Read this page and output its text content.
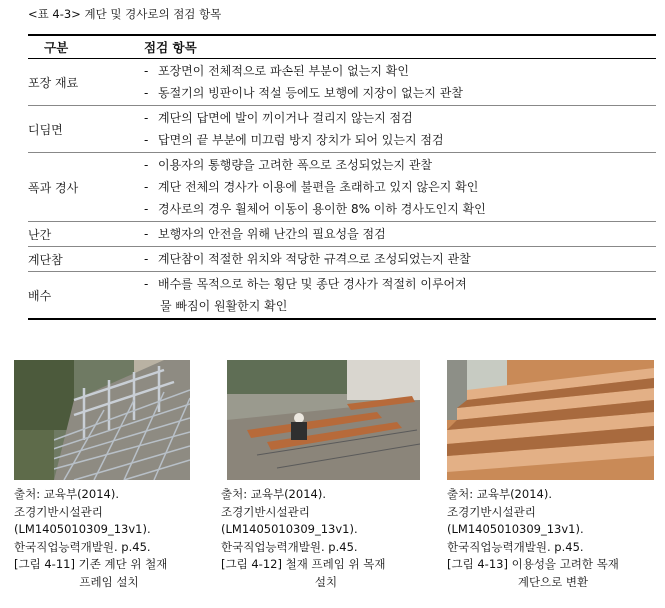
<표 4-3> 계단 및 경사로의 점검 항목
구분	점검 항목
포장 재료	- 포장면이 전체적으로 파손된 부분이 없는지 확인
- 동절기의 빙판이나 적설 등에도 보행에 지장이 없는지 관찰

디딤면	- 계단의 답면에 발이 끼이거나 걸리지 않는지 점검
- 답면의 끝 부분에 미끄럼 방지 장치가 되어 있는지 점검

폭과 경사	- 이용자의 통행량을 고려한 폭으로 조성되었는지 관찰
- 계단 전체의 경사가 이용에 불편을 초래하고 있지 않은지 확인
- 경사로의 경우 휠체어 이동이 용이한 8% 이하 경사도인지 확인

난간	- 보행자의 안전을 위해 난간의 필요성을 점검

계단참	- 계단참이 적절한 위치와 적당한 규격으로 조성되었는지 관찰

배수	- 배수를 목적으로 하는 횡단 및 종단 경사가 적절히 이루어져
물 빠짐이 원활한지 확인
출처: 교육부(2014).
조경기반시설관리
(LM1405010309_13v1).
한국직업능력개발원. p.45.
[그림 4-11] 기존 계단 위 철재
프레임 설치
출처: 교육부(2014).
조경기반시설관리
(LM1405010309_13v1).
한국직업능력개발원. p.45.
[그림 4-12] 철재 프레임 위 목재
설치
출처: 교육부(2014).
조경기반시설관리
(LM1405010309_13v1).
한국직업능력개발원. p.45.
[그림 4-13] 이용성을 고려한 목재
계단으로 변환
